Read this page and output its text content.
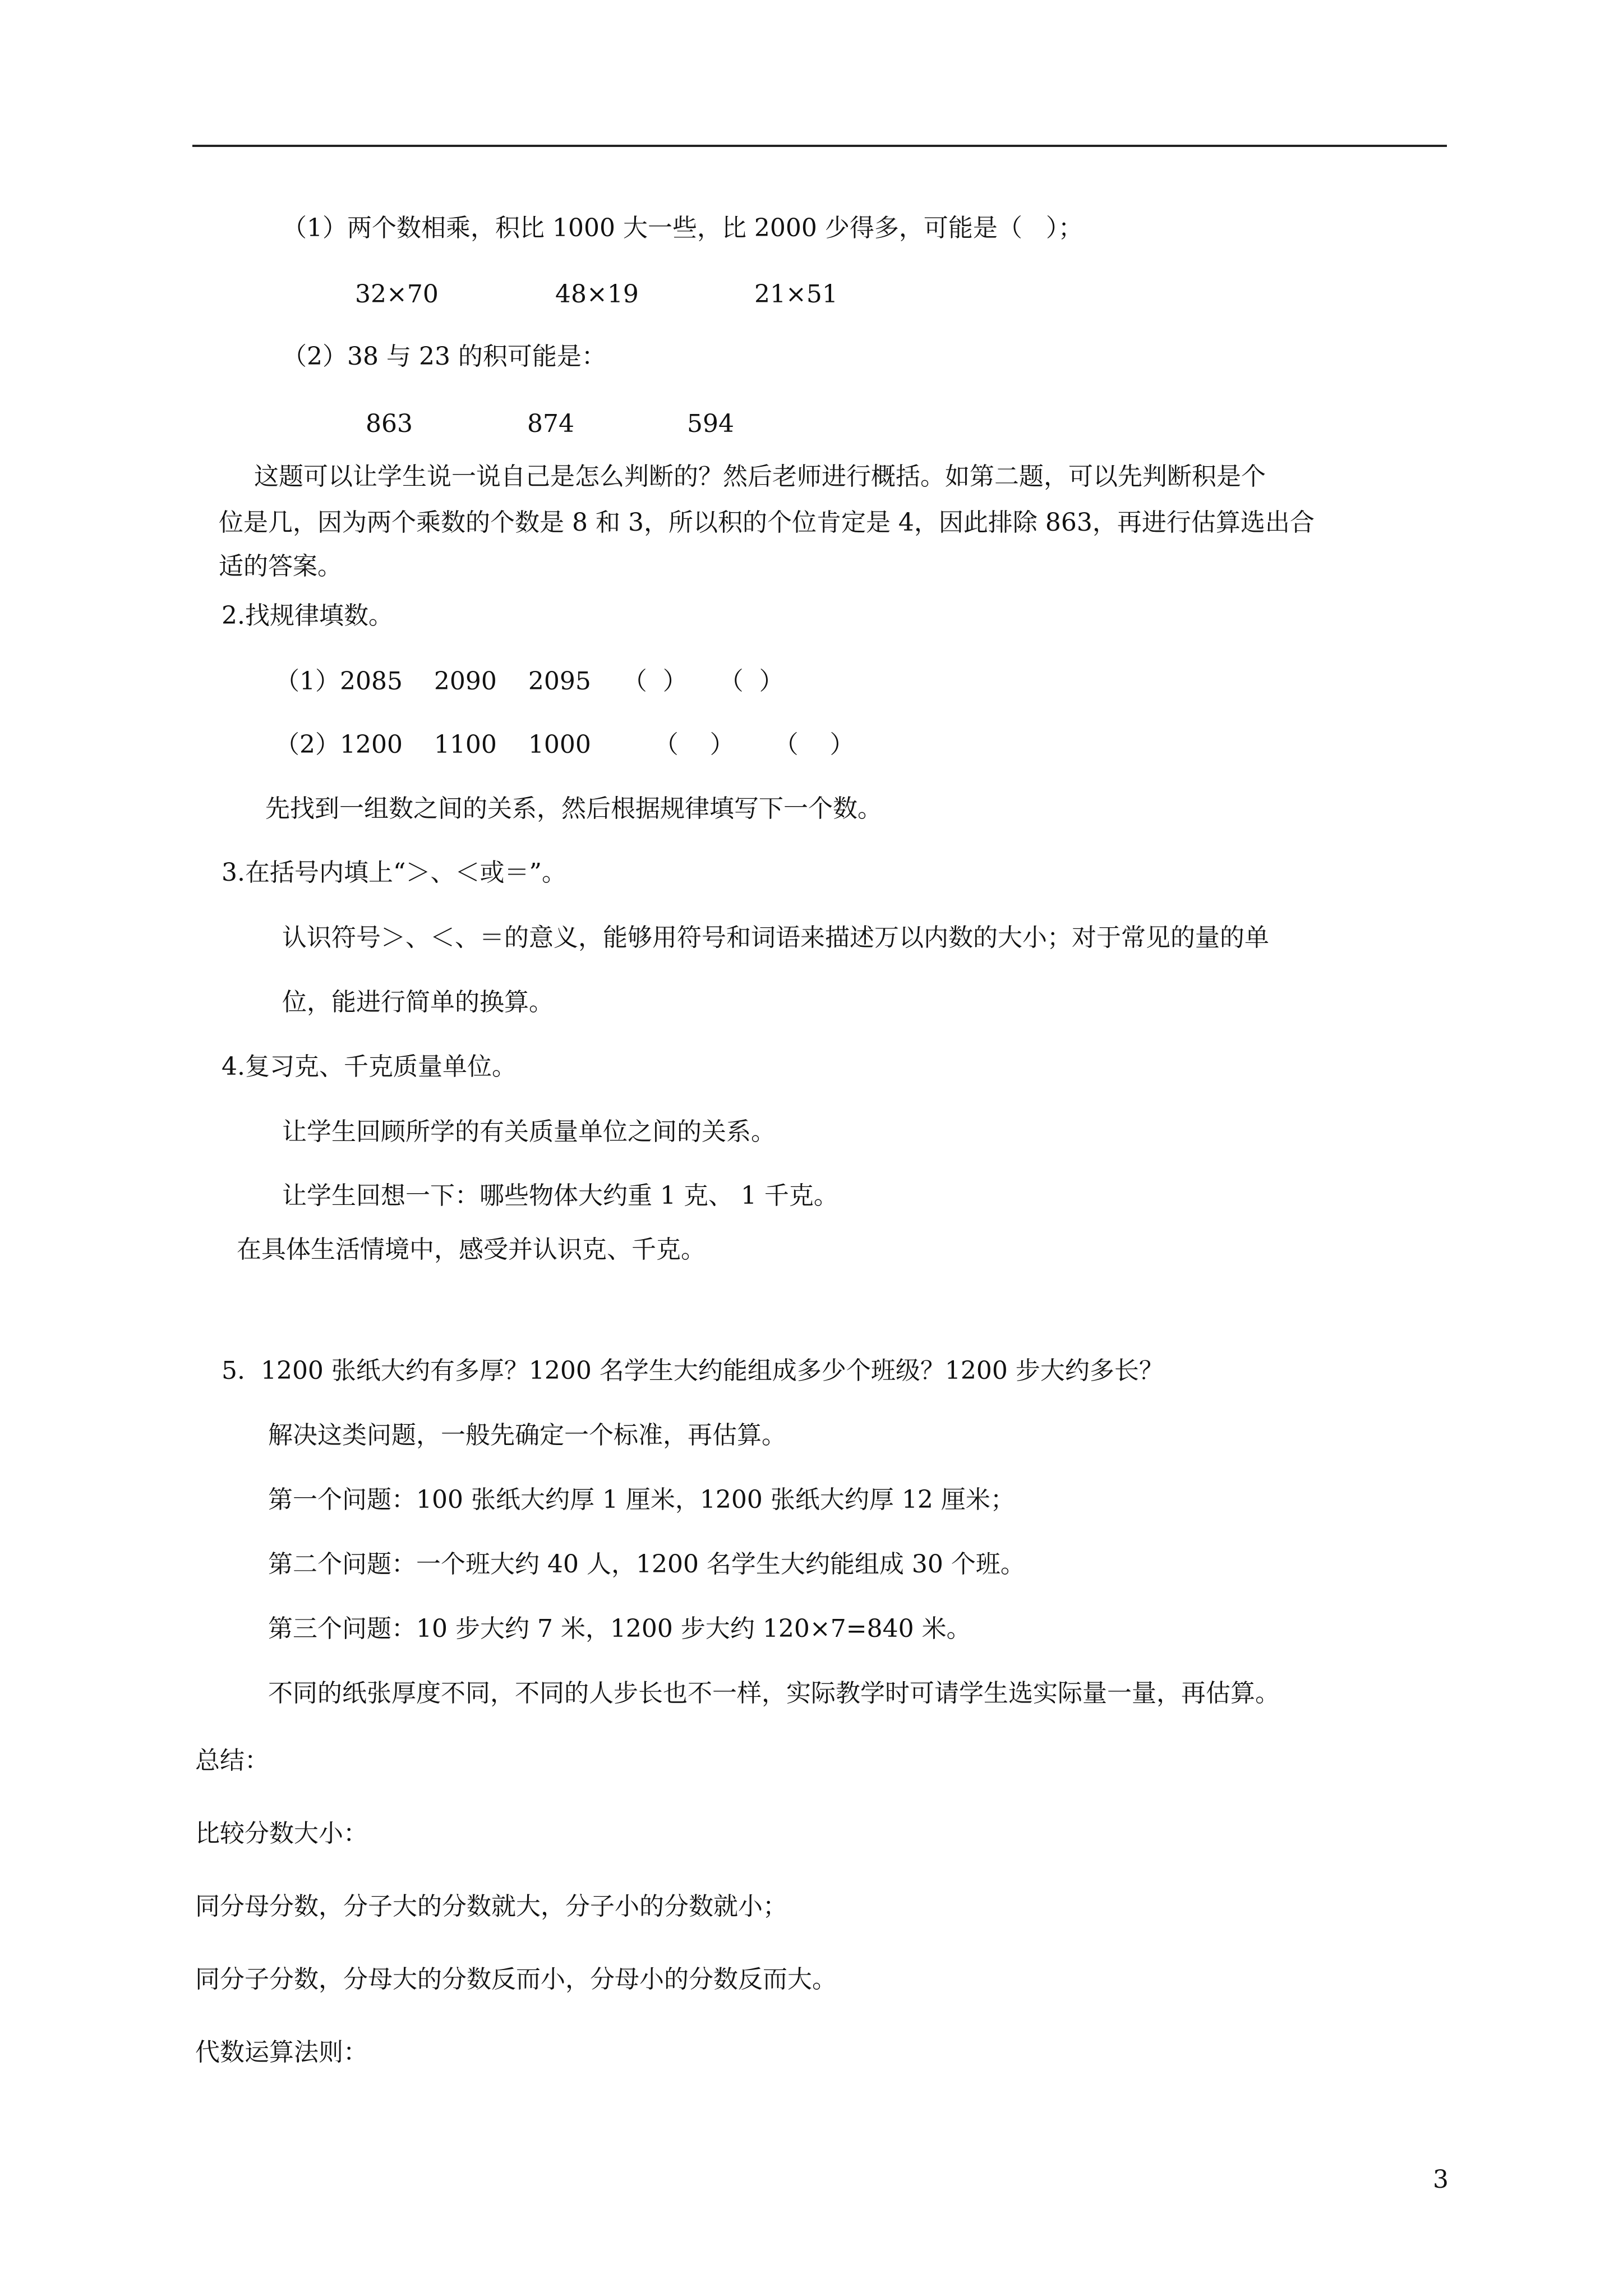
（1）两个数相乘，积比 1000 大一些，比 2000 少得多，可能是（   ）；

32×70	48×19	21×51

（2）38 与 23 的积可能是：

863	874	594

这题可以让学生说一说自己是怎么判断的？然后老师进行概括。如第二题，可以先判断积是个

位是几，因为两个乘数的个数是 8 和 3，所以积的个位肯定是 4，因此排除 863，再进行估算选出合

适的答案。

2.找规律填数。

（1）2085    2090    2095    （  ）    （  ）

（2）1200    1100    1000        （    ）     （    ）

先找到一组数之间的关系，然后根据规律填写下一个数。

3.在括号内填上“＞、＜或＝”。

认识符号＞、＜、＝的意义，能够用符号和词语来描述万以内数的大小；对于常见的量的单

位，能进行简单的换算。

4.复习克、千克质量单位。

让学生回顾所学的有关质量单位之间的关系。

让学生回想一下：哪些物体大约重 1 克、 1 千克。

在具体生活情境中，感受并认识克、千克。

5.  1200 张纸大约有多厚？1200 名学生大约能组成多少个班级？1200 步大约多长？

解决这类问题，一般先确定一个标准，再估算。

第一个问题：100 张纸大约厚 1 厘米，1200 张纸大约厚 12 厘米；

第二个问题：一个班大约 40 人，1200 名学生大约能组成 30 个班。

第三个问题：10 步大约 7 米，1200 步大约 120×7=840 米。

不同的纸张厚度不同，不同的人步长也不一样，实际教学时可请学生选实际量一量，再估算。

总结：

比较分数大小：

同分母分数，分子大的分数就大，分子小的分数就小；

同分子分数，分母大的分数反而小，分母小的分数反而大。

代数运算法则：

3
